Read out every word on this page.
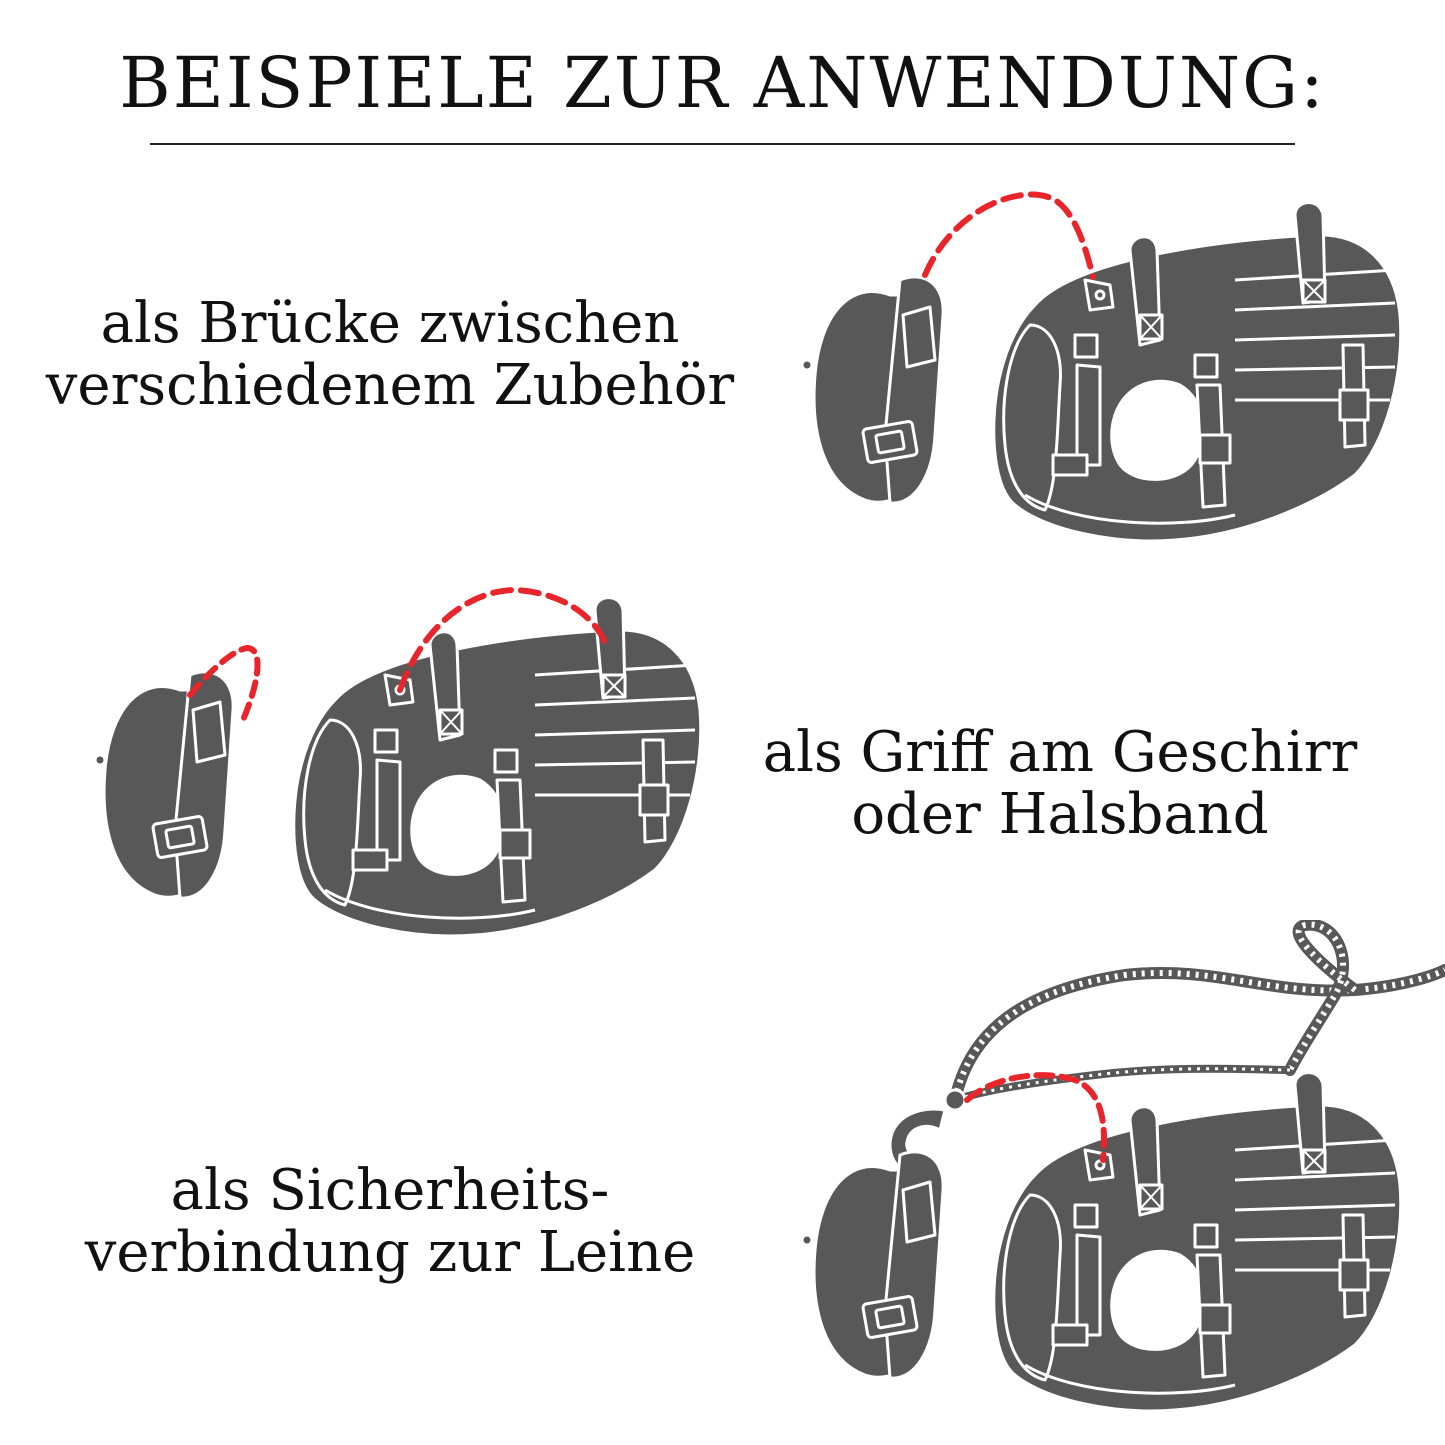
BEISPIELE ZUR ANWENDUNG:
als Brücke zwischen
verschiedenem Zubehör
als Griff am Geschirr
oder Halsband
als Sicherheits-
verbindung zur Leine
